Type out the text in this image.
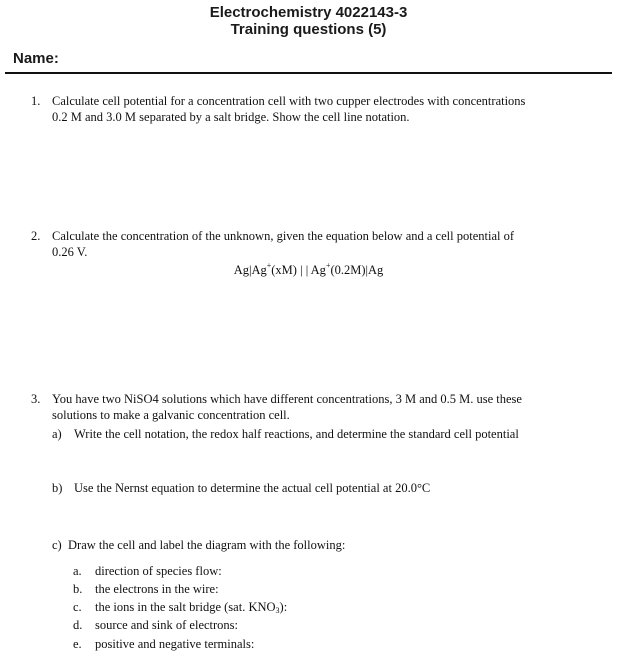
Electrochemistry 4022143-3
Training questions (5)
Name:
1. Calculate cell potential for a concentration cell with two cupper electrodes with concentrations
0.2 M and 3.0 M separated by a salt bridge. Show the cell line notation.
2. Calculate the concentration of the unknown, given the equation below and a cell potential of
0.26 V.
Ag|Ag+(xM) | | Ag+(0.2M)|Ag
3. You have two NiSO4 solutions which have different concentrations, 3 M and 0.5 M. use these
solutions to make a galvanic concentration cell.
a) Write the cell notation, the redox half reactions, and determine the standard cell potential
b) Use the Nernst equation to determine the actual cell potential at 20.0°C
c) Draw the cell and label the diagram with the following:
a. direction of species flow:
b. the electrons in the wire:
c. the ions in the salt bridge (sat. $KNO_3$):
d. source and sink of electrons:
e. positive and negative terminals:
